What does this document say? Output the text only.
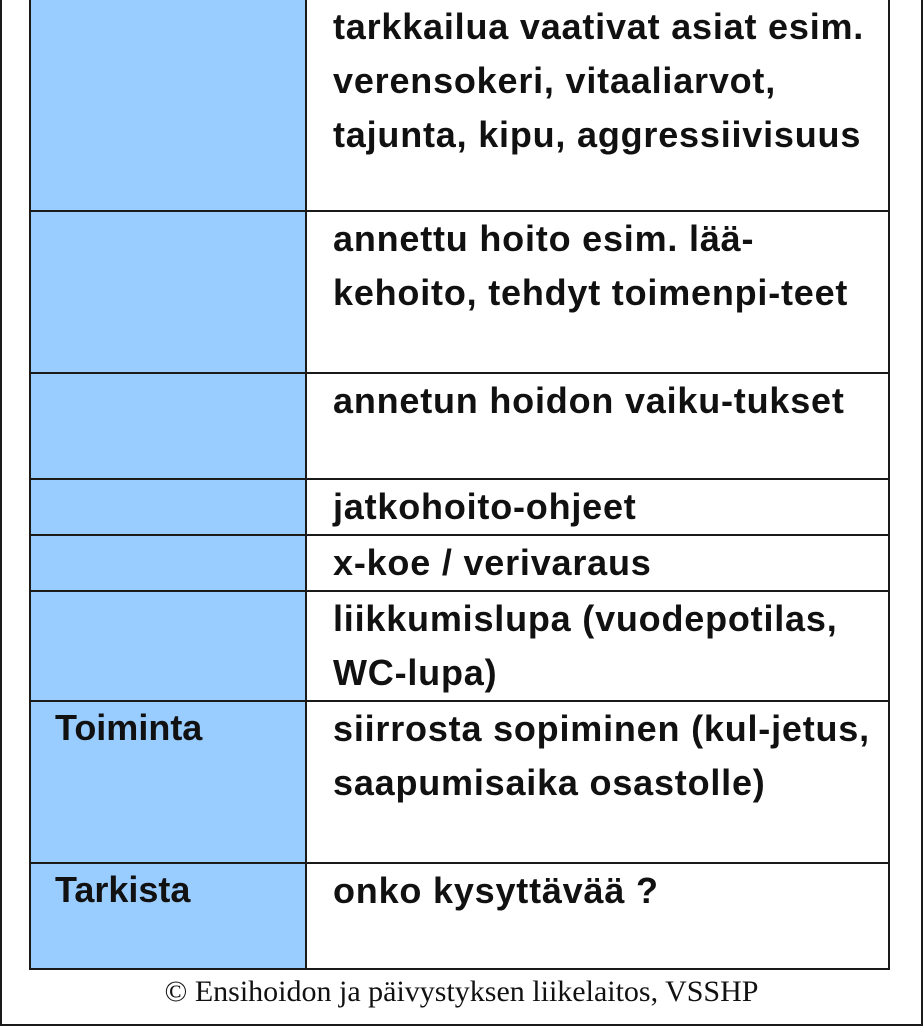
	tarkkailua vaativat asiat esim. verensokeri, vitaaliarvot, tajunta, kipu, aggressiivisuus
	annettu hoito esim. lää-kehoito, tehdyt toimenpi-teet
	annetun hoidon vaiku-tukset
	jatkohoito-ohjeet
	x-koe / verivaraus
	liikkumislupa (vuodepotilas, WC-lupa)
Toiminta	siirrosta sopiminen (kul-jetus, saapumisaika osastolle)
Tarkista	onko kysyttävää ?
© Ensihoidon ja päivystyksen liikelaitos, VSSHP
